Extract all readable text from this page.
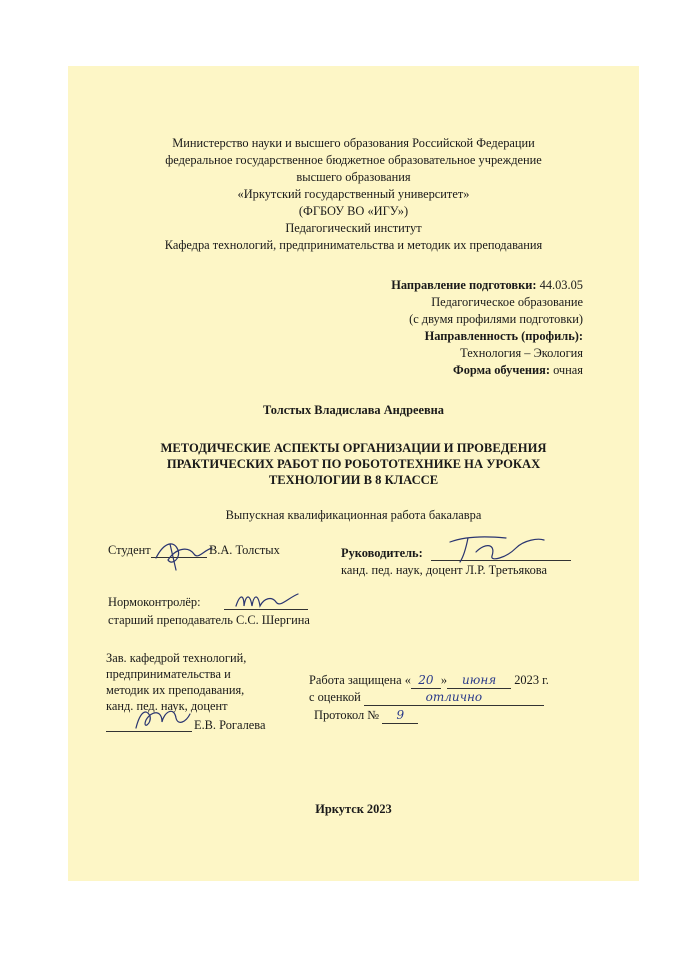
Министерство науки и высшего образования Российской Федерации
федеральное государственное бюджетное образовательное учреждение
высшего образования
«Иркутский государственный университет»
(ФГБОУ ВО «ИГУ»)
Педагогический институт
Кафедра технологий, предпринимательства и методик их преподавания
Направление подготовки: 44.03.05
Педагогическое образование
(с двумя профилями подготовки)
Направленность (профиль):
Технология – Экология
Форма обучения: очная
Толстых Владислава Андреевна
МЕТОДИЧЕСКИЕ АСПЕКТЫ ОРГАНИЗАЦИИ И ПРОВЕДЕНИЯ ПРАКТИЧЕСКИХ РАБОТ ПО РОБОТОТЕХНИКЕ НА УРОКАХ ТЕХНОЛОГИИ В 8 КЛАССЕ
Выпускная квалификационная работа бакалавра
Студент	В.А. Толстых	Руководитель:
канд. пед. наук, доцент Л.Р. Третьякова
Нормоконтролёр:
старший преподаватель С.С. Шергина
Зав. кафедрой технологий,
предпринимательства и
методик их преподавания,
канд. пед. наук, доцент
Е.В. Рогалева
Работа защищена « 20 » июня 2023 г.
с оценкой	отлично
Протокол № 9
Иркутск 2023
